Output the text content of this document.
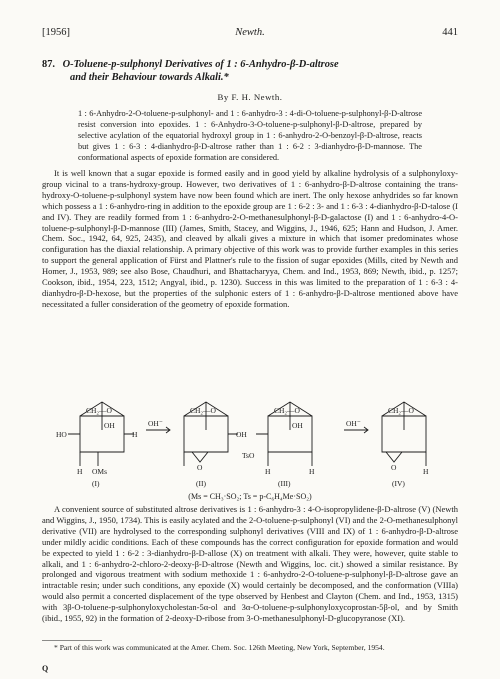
[1956]	Newth.	441
87. O-Toluene-p-sulphonyl Derivatives of 1 : 6-Anhydro-β-D-altrose
and their Behaviour towards Alkali.*
By F. H. Newth.
1 : 6-Anhydro-2-O-toluene-p-sulphonyl- and 1 : 6-anhydro-3 : 4-di-O-toluene-p-sulphonyl-β-D-altrose resist conversion into epoxides. 1 : 6-Anhydro-3-O-toluene-p-sulphonyl-β-D-altrose, prepared by selective acylation of the equatorial hydroxyl group in 1 : 6-anhydro-2-O-benzoyl-β-D-altrose, reacts but gives 1 : 6-3 : 4-dianhydro-β-D-altrose rather than 1 : 6-2 : 3-dianhydro-β-D-mannose. The conformational aspects of epoxide formation are considered.
It is well known that a sugar epoxide is formed easily and in good yield by alkaline hydrolysis of a sulphonyloxy-group vicinal to a trans-hydroxy-group. However, two derivatives of 1 : 6-anhydro-β-D-altrose containing the trans-hydroxy-O-toluene-p-sulphonyl system have now been found which are inert. The only hexose anhydrides so far known which possess a 1 : 6-anhydro-ring in addition to the epoxide group are 1 : 6-2 : 3- and 1 : 6-3 : 4-dianhydro-β-D-talose (I and IV). They are readily formed from 1 : 6-anhydro-2-O-methanesulphonyl-β-D-galactose (I) and 1 : 6-anhydro-4-O-toluene-p-sulphonyl-β-D-mannose (III) (James, Smith, Stacey, and Wiggins, J., 1946, 625; Hann and Hudson, J. Amer. Chem. Soc., 1942, 64, 925, 2435), and cleaved by alkali gives a mixture in which that isomer predominates whose configuration has the diaxial relationship. A primary objective of this work was to provide further examples in this series to support the general application of Fürst and Plattner's rule to the fission of sugar epoxides (Mills, cited by Newth and Homer, J., 1953, 989; see also Bose, Chaudhuri, and Bhattacharyya, Chem. and Ind., 1953, 869; Newth, ibid., p. 1257; Cookson, ibid., 1954, 223, 1512; Angyal, ibid., p. 1230). Success in this was limited to the preparation of 1 : 6-3 : 4-dianhydro-β-D-hexose, but the properties of the sulphonic esters of 1 : 6-anhydro-β-D-altrose mentioned above have necessitated a fuller consideration of the geometry of epoxide formation.
CH₂—O
HO
OH
H OMs
H
OH⁻
CH₂—O
O
OH
CH₂—O
TsO
OH
H	H
OH⁻
CH₂—O
O	H
(I)	(II)	(III)	(IV)
(Ms = CH₃·SO₂; Ts = p-C₆H₄Me·SO₂)
A convenient source of substituted altrose derivatives is 1 : 6-anhydro-3 : 4-O-isopropylidene-β-D-altrose (V) (Newth and Wiggins, J., 1950, 1734). This is easily acylated and the 2-O-toluene-p-sulphonyl (VI) and the 2-O-methanesulphonyl derivative (VII) are hydrolysed to the corresponding sulphonyl derivatives (VIII and IX) of 1 : 6-anhydro-β-D-altrose under mildly acidic conditions. Each of these compounds has the correct configuration for epoxide formation and would be expected to yield 1 : 6-2 : 3-dianhydro-β-D-allose (X) on treatment with alkali. They were, however, quite stable to alkali, and 1 : 6-anhydro-2-chloro-2-deoxy-β-D-altrose (Newth and Wiggins, loc. cit.) showed a similar resistance. By prolonged and vigorous treatment with sodium methoxide 1 : 6-anhydro-2-O-toluene-p-sulphonyl-β-D-altrose gave an intractable resin; under such conditions, any epoxide (X) would certainly be decomposed, and the conformation (VIIIa) would also permit a concerted displacement of the type observed by Henbest and Clayton (Chem. and Ind., 1953, 1315) with 3β-O-toluene-p-sulphonyloxycholestan-5α-ol and 3α-O-toluene-p-sulphonyloxycoprostan-5β-ol, and by Smith (ibid., 1955, 92) in the formation of 2-deoxy-D-ribose from 3-O-methanesulphonyl-D-glucopyranose (XI).
* Part of this work was communicated at the Amer. Chem. Soc. 126th Meeting, New York, September, 1954.
Q
